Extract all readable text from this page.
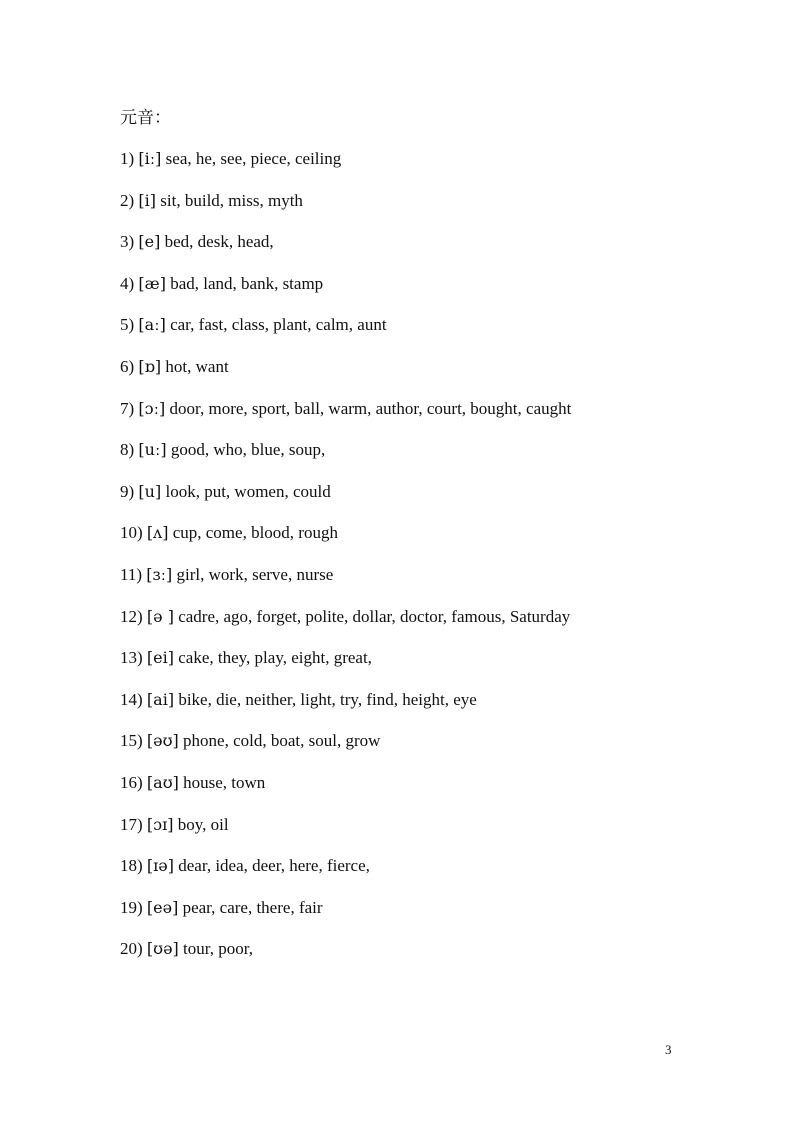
元音：
1) [iː] sea, he, see, piece, ceiling
2) [i] sit, build, miss, myth
3) [e] bed, desk, head,
4) [æ] bad, land, bank, stamp
5) [aː] car, fast, class, plant, calm, aunt
6) [ɒ] hot, want
7) [ɔː] door, more, sport, ball, warm, author, court, bought, caught
8) [uː] good, who, blue, soup,
9) [u] look, put, women, could
10) [ʌ] cup, come, blood, rough
11) [ɜː] girl, work, serve, nurse
12) [ə ] cadre, ago, forget, polite, dollar, doctor, famous, Saturday
13) [ei] cake, they, play, eight, great,
14) [ai] bike, die, neither, light, try, find, height, eye
15) [əʊ] phone, cold, boat, soul, grow
16) [aʊ] house, town
17) [ɔɪ] boy, oil
18) [ɪə] dear, idea, deer, here, fierce,
19) [eə] pear, care, there, fair
20) [ʊə] tour, poor,
3
